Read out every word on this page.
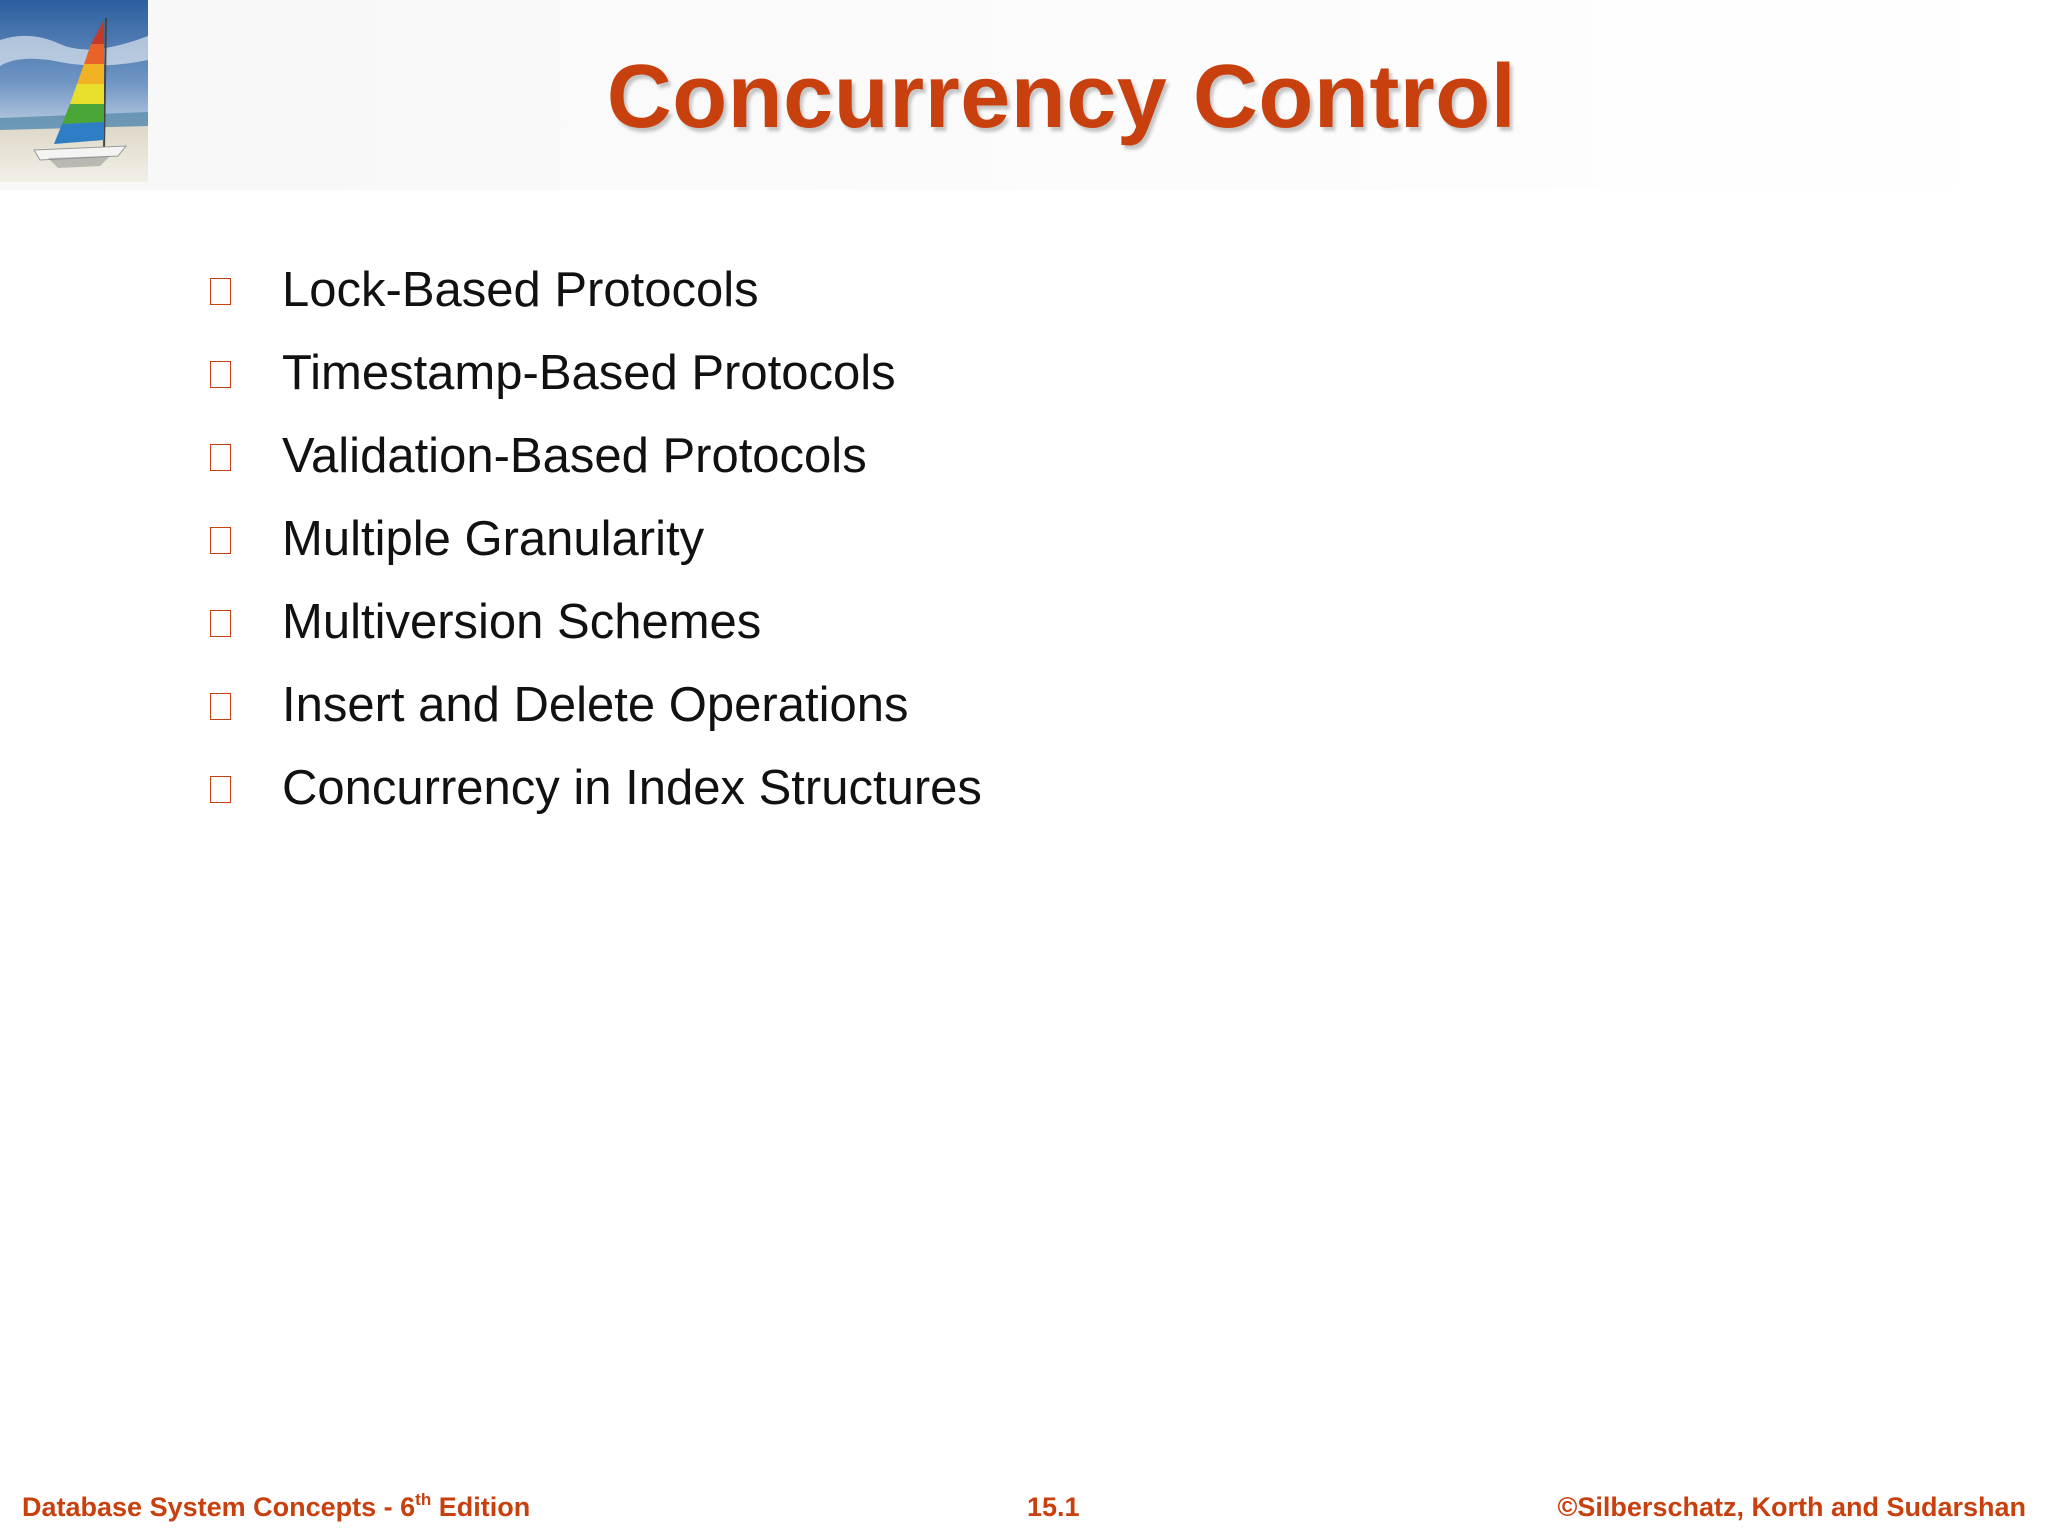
Concurrency Control
Lock-Based Protocols
Timestamp-Based Protocols
Validation-Based Protocols
Multiple Granularity
Multiversion Schemes
Insert and Delete Operations
Concurrency in Index Structures
Database System Concepts - 6th Edition	15.1	©Silberschatz, Korth and Sudarshan
